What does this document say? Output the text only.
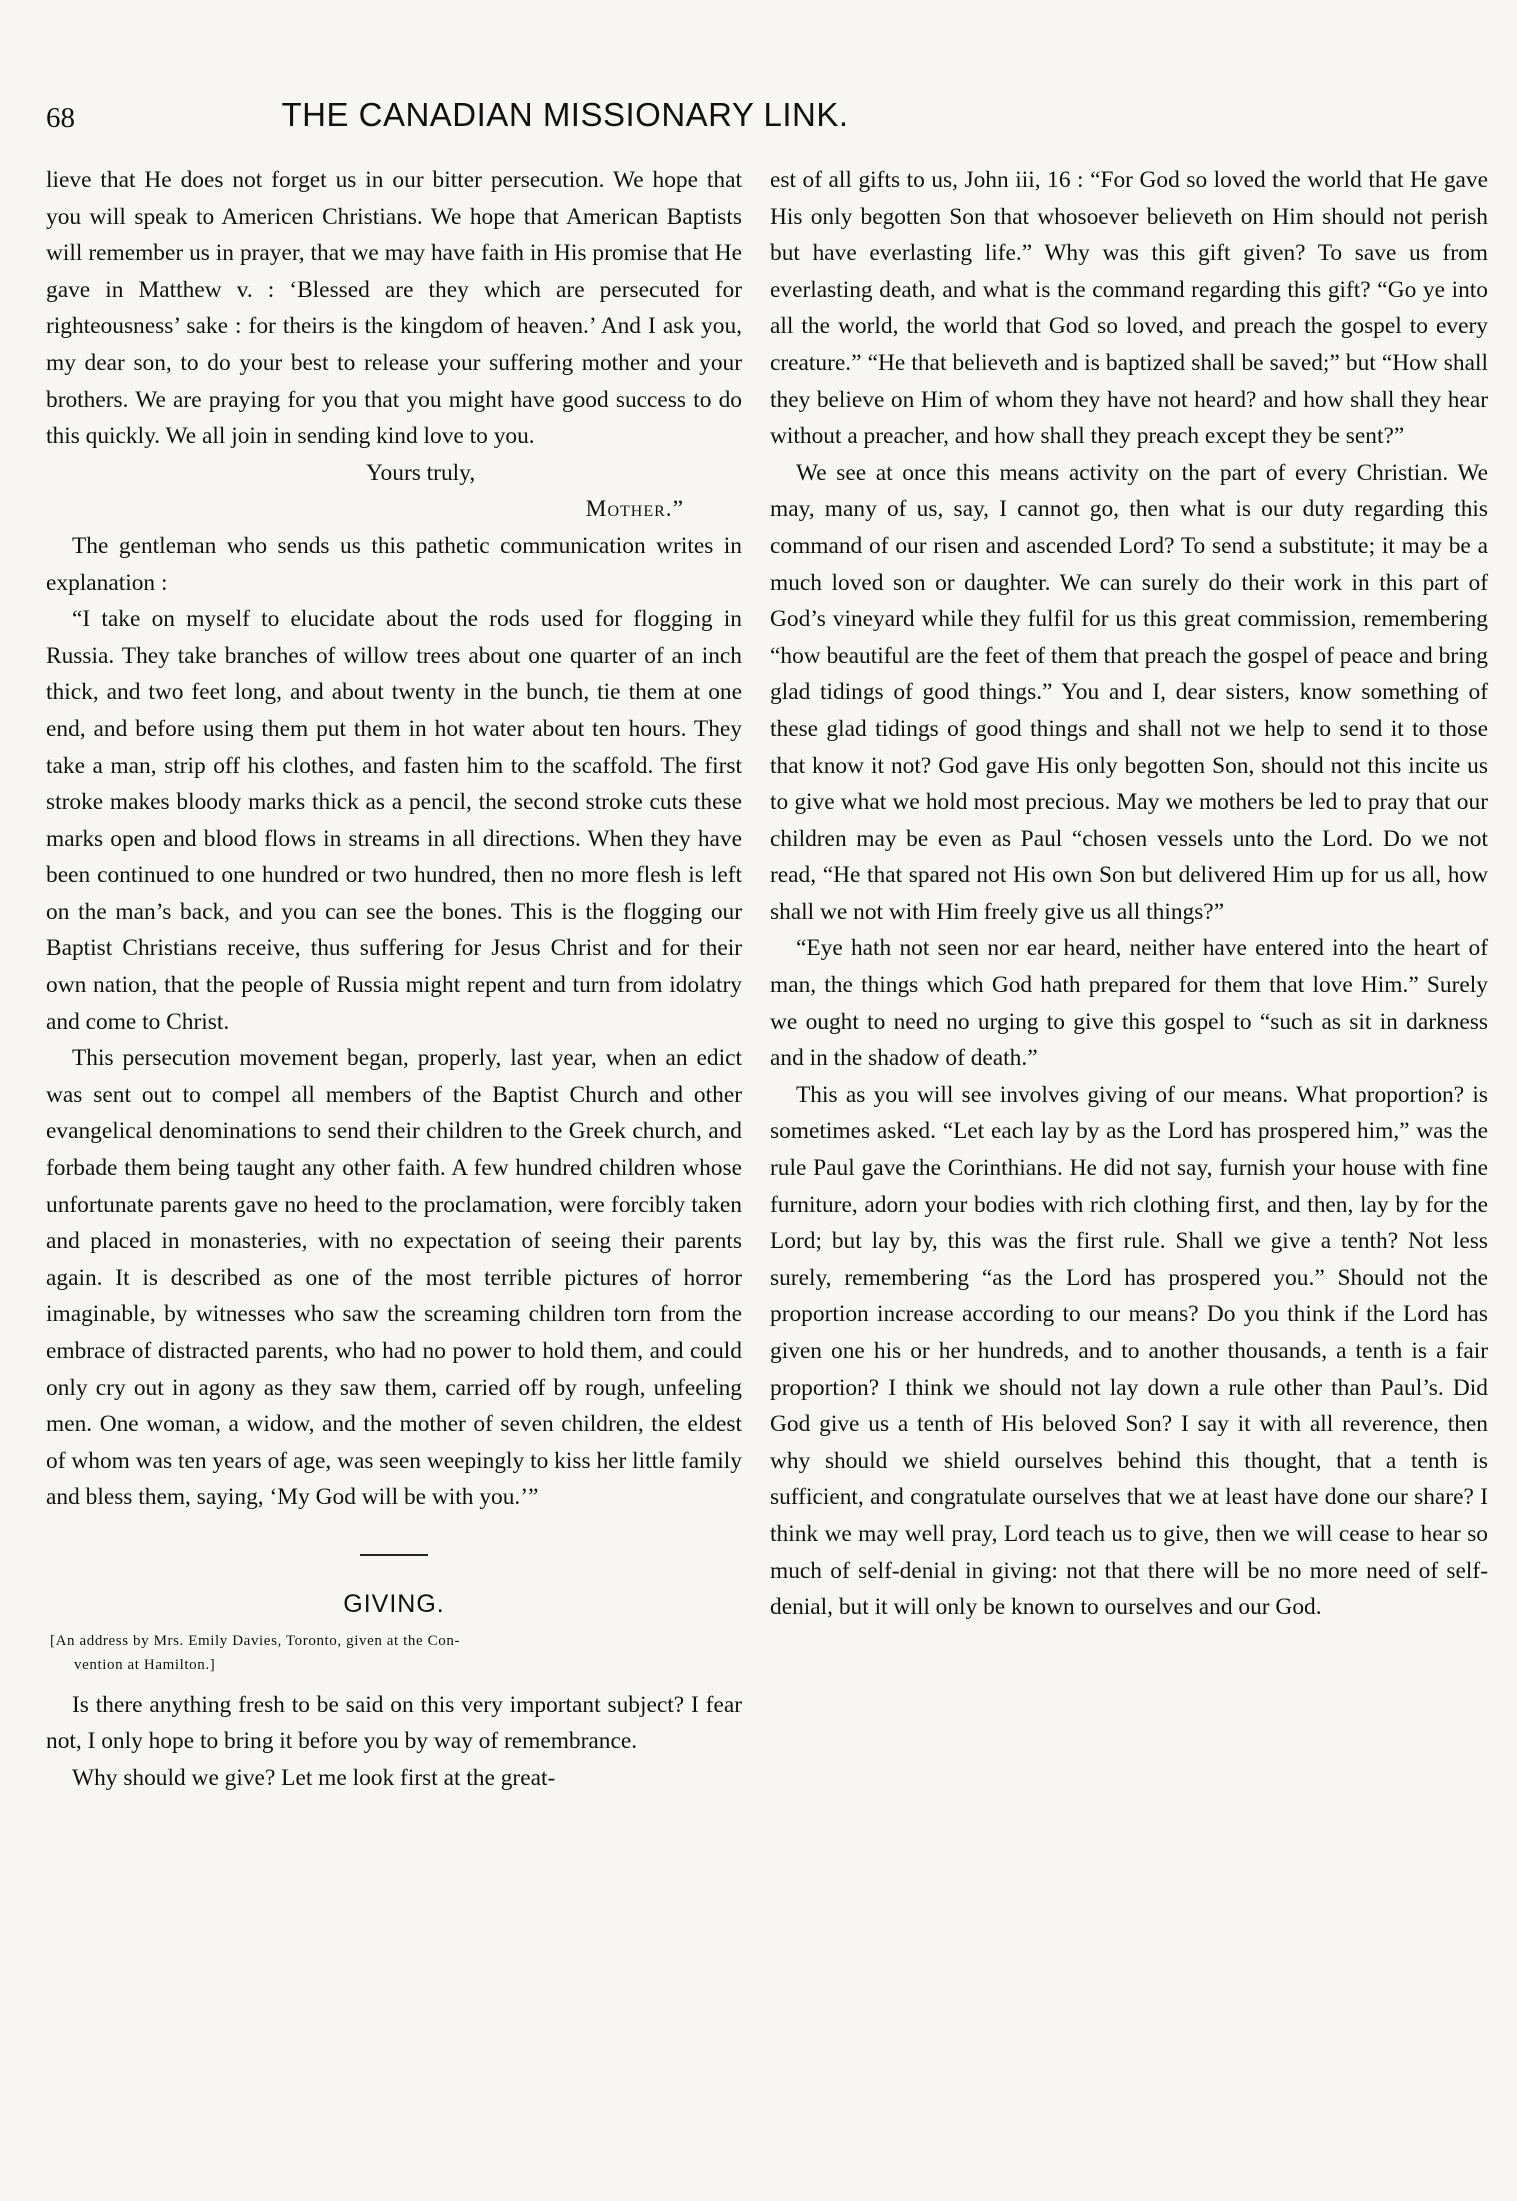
68	THE CANADIAN MISSIONARY LINK.

lieve that He does not forget us in our bitter persecution. We hope that you will speak to Americen Christians. We hope that American Baptists will remember us in prayer, that we may have faith in His promise that He gave in Matthew v. : ‘Blessed are they which are persecuted for righteousness’ sake : for theirs is the kingdom of heaven.’ And I ask you, my dear son, to do your best to release your suffering mother and your brothers. We are praying for you that you might have good success to do this quickly. We all join in sending kind love to you.

Yours truly,

Mother.”

The gentleman who sends us this pathetic communication writes in explanation :

“I take on myself to elucidate about the rods used for flogging in Russia. They take branches of willow trees about one quarter of an inch thick, and two feet long, and about twenty in the bunch, tie them at one end, and before using them put them in hot water about ten hours. They take a man, strip off his clothes, and fasten him to the scaffold. The first stroke makes bloody marks thick as a pencil, the second stroke cuts these marks open and blood flows in streams in all directions. When they have been continued to one hundred or two hundred, then no more flesh is left on the man’s back, and you can see the bones. This is the flogging our Baptist Christians receive, thus suffering for Jesus Christ and for their own nation, that the people of Russia might repent and turn from idolatry and come to Christ.

This persecution movement began, properly, last year, when an edict was sent out to compel all members of the Baptist Church and other evangelical denominations to send their children to the Greek church, and forbade them being taught any other faith. A few hundred children whose unfortunate parents gave no heed to the proclamation, were forcibly taken and placed in monasteries, with no expectation of seeing their parents again. It is described as one of the most terrible pictures of horror imaginable, by witnesses who saw the screaming children torn from the embrace of distracted parents, who had no power to hold them, and could only cry out in agony as they saw them, carried off by rough, unfeeling men. One woman, a widow, and the mother of seven children, the eldest of whom was ten years of age, was seen weepingly to kiss her little family and bless them, saying, ‘My God will be with you.’”

GIVING.
[An address by Mrs. Emily Davies, Toronto, given at the Con-
vention at Hamilton.]

Is there anything fresh to be said on this very important subject? I fear not, I only hope to bring it before you by way of remembrance.

Why should we give? Let me look first at the great-

est of all gifts to us, John iii, 16 : “For God so loved the world that He gave His only begotten Son that whosoever believeth on Him should not perish but have everlasting life.” Why was this gift given? To save us from everlasting death, and what is the command regarding this gift? “Go ye into all the world, the world that God so loved, and preach the gospel to every creature.” “He that believeth and is baptized shall be saved;” but “How shall they believe on Him of whom they have not heard? and how shall they hear without a preacher, and how shall they preach except they be sent?”

We see at once this means activity on the part of every Christian. We may, many of us, say, I cannot go, then what is our duty regarding this command of our risen and ascended Lord? To send a substitute; it may be a much loved son or daughter. We can surely do their work in this part of God’s vineyard while they fulfil for us this great commission, remembering “how beautiful are the feet of them that preach the gospel of peace and bring glad tidings of good things.” You and I, dear sisters, know something of these glad tidings of good things and shall not we help to send it to those that know it not? God gave His only begotten Son, should not this incite us to give what we hold most precious. May we mothers be led to pray that our children may be even as Paul “chosen vessels unto the Lord. Do we not read, “He that spared not His own Son but delivered Him up for us all, how shall we not with Him freely give us all things?”

“Eye hath not seen nor ear heard, neither have entered into the heart of man, the things which God hath prepared for them that love Him.” Surely we ought to need no urging to give this gospel to “such as sit in darkness and in the shadow of death.”

This as you will see involves giving of our means. What proportion? is sometimes asked. “Let each lay by as the Lord has prospered him,” was the rule Paul gave the Corinthians. He did not say, furnish your house with fine furniture, adorn your bodies with rich clothing first, and then, lay by for the Lord; but lay by, this was the first rule. Shall we give a tenth? Not less surely, remembering “as the Lord has prospered you.” Should not the proportion increase according to our means? Do you think if the Lord has given one his or her hundreds, and to another thousands, a tenth is a fair proportion? I think we should not lay down a rule other than Paul’s. Did God give us a tenth of His beloved Son? I say it with all reverence, then why should we shield ourselves behind this thought, that a tenth is sufficient, and congratulate ourselves that we at least have done our share? I think we may well pray, Lord teach us to give, then we will cease to hear so much of self-denial in giving: not that there will be no more need of self-denial, but it will only be known to ourselves and our God.
